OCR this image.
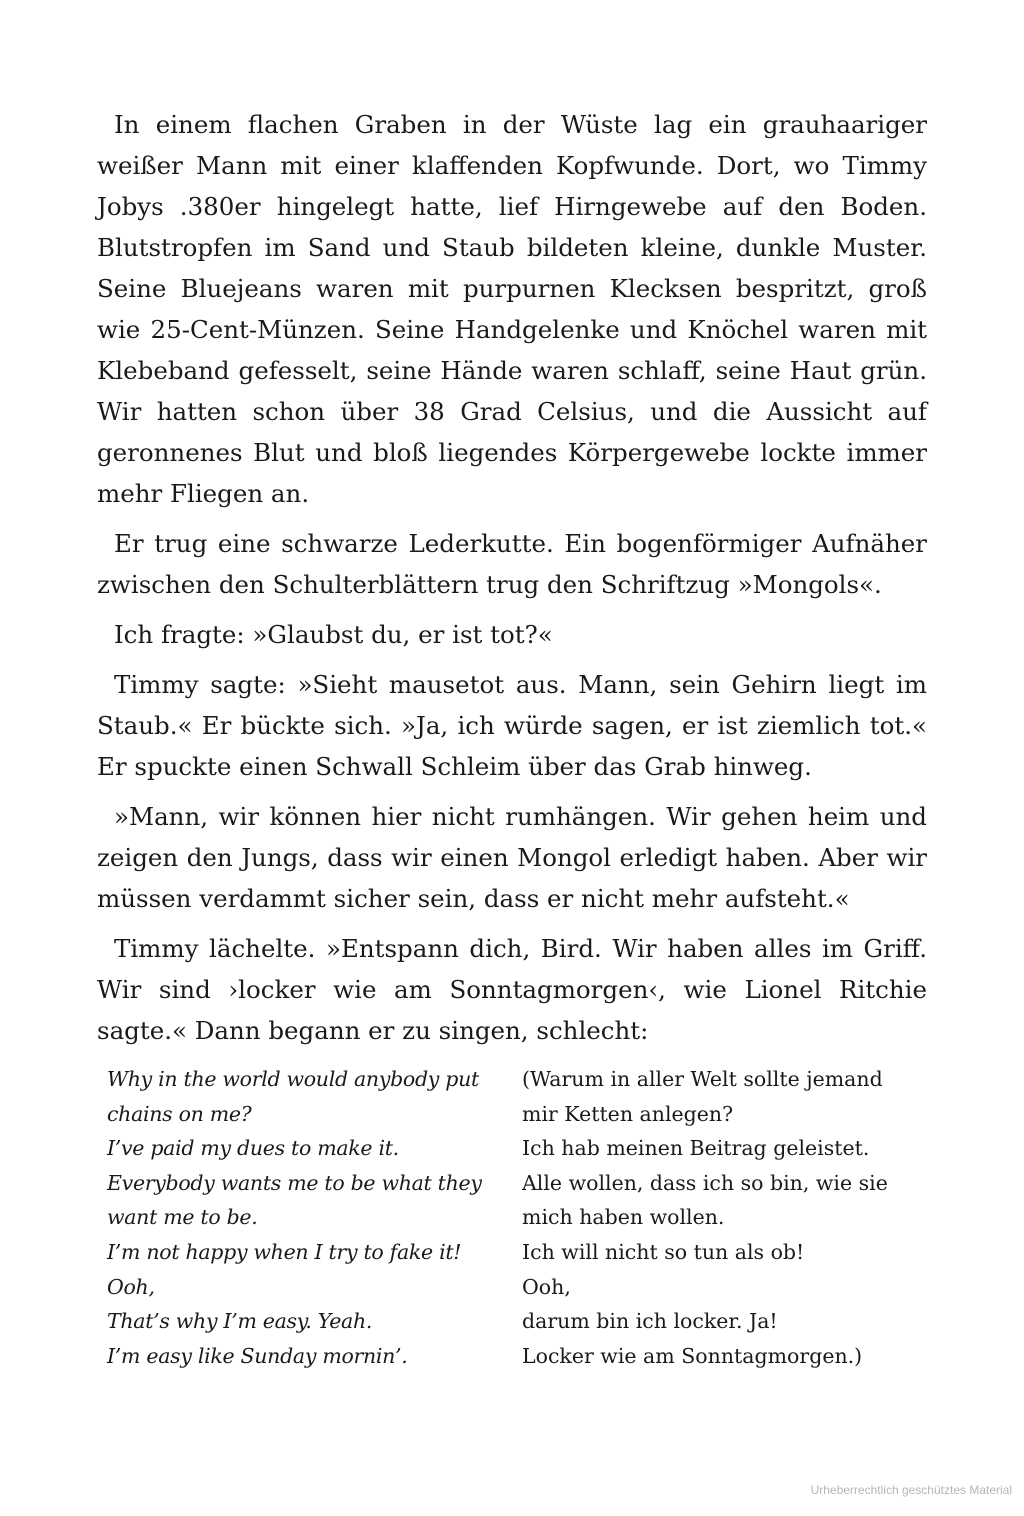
In einem flachen Graben in der Wüste lag ein grauhaariger weißer Mann mit einer klaffenden Kopfwunde. Dort, wo Timmy Jobys .380er hingelegt hatte, lief Hirngewebe auf den Boden. Blutstropfen im Sand und Staub bildeten kleine, dunkle Muster. Seine Bluejeans waren mit purpurnen Klecksen bespritzt, groß wie 25-Cent-Münzen. Seine Handgelenke und Knöchel waren mit Klebeband gefesselt, seine Hände waren schlaff, seine Haut grün. Wir hatten schon über 38 Grad Celsius, und die Aussicht auf geronnenes Blut und bloß liegendes Körpergewebe lockte immer mehr Fliegen an.

Er trug eine schwarze Lederkutte. Ein bogenförmiger Aufnäher zwischen den Schulterblättern trug den Schriftzug »Mongols«.

Ich fragte: »Glaubst du, er ist tot?«

Timmy sagte: »Sieht mausetot aus. Mann, sein Gehirn liegt im Staub.« Er bückte sich. »Ja, ich würde sagen, er ist ziemlich tot.« Er spuckte einen Schwall Schleim über das Grab hinweg.

»Mann, wir können hier nicht rumhängen. Wir gehen heim und zeigen den Jungs, dass wir einen Mongol erledigt haben. Aber wir müssen verdammt sicher sein, dass er nicht mehr aufsteht.«

Timmy lächelte. »Entspann dich, Bird. Wir haben alles im Griff. Wir sind ›locker wie am Sonntagmorgen‹, wie Lionel Ritchie sagte.« Dann begann er zu singen, schlecht:

Why in the world would anybody put
chains on me?
I’ve paid my dues to make it.
Everybody wants me to be what they
want me to be.
I’m not happy when I try to fake it!
Ooh,
That’s why I’m easy. Yeah.
I’m easy like Sunday mornin’.
(Warum in aller Welt sollte jemand
mir Ketten anlegen?
Ich hab meinen Beitrag geleistet.
Alle wollen, dass ich so bin, wie sie
mich haben wollen.
Ich will nicht so tun als ob!
Ooh,
darum bin ich locker. Ja!
Locker wie am Sonntagmorgen.)
Urheberrechtlich geschütztes Material
